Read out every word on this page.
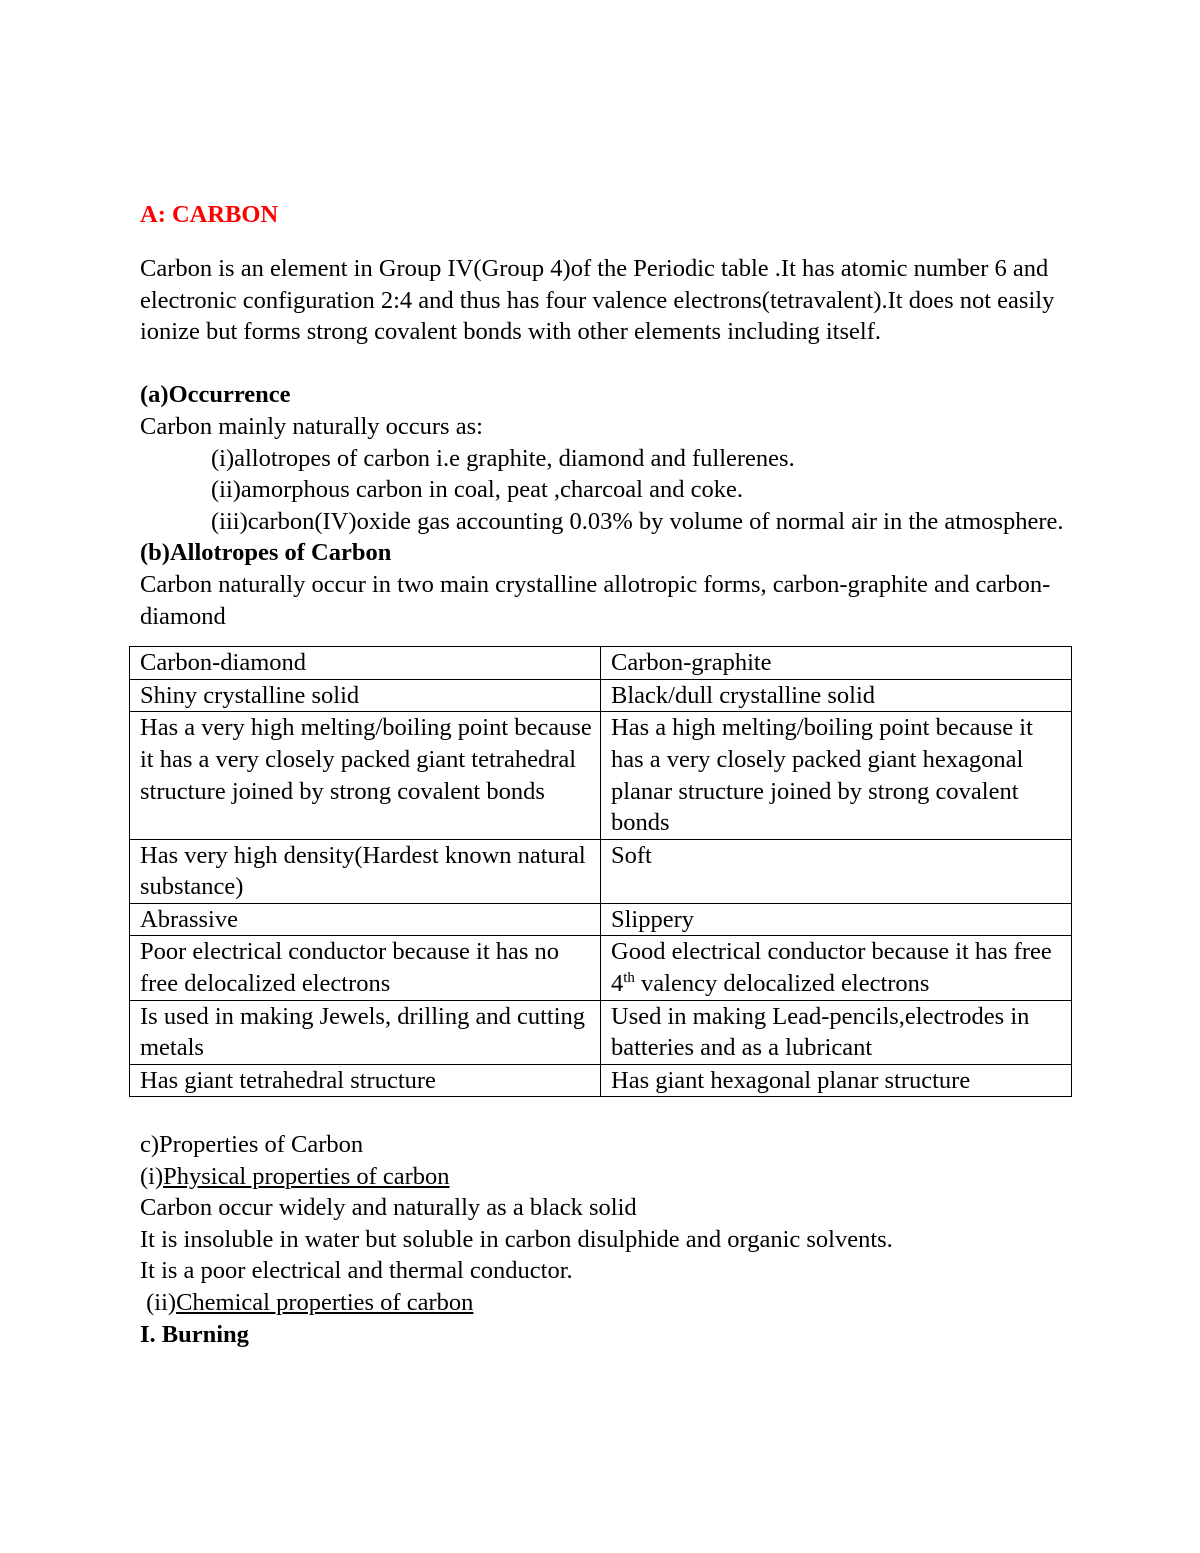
A: CARBON

Carbon is an element in Group IV(Group 4)of the Periodic table .It has atomic number 6 and electronic configuration 2:4 and thus has four valence electrons(tetravalent).It does not easily ionize but forms strong covalent bonds with other elements including itself.

(a)Occurrence

Carbon mainly naturally occurs as:

(i)allotropes of carbon i.e graphite, diamond and fullerenes.

(ii)amorphous carbon in coal, peat ,charcoal and coke.

(iii)carbon(IV)oxide gas accounting 0.03% by volume of normal air in the atmosphere.

(b)Allotropes of Carbon

Carbon naturally occur in two main crystalline allotropic forms, carbon-graphite and carbon-diamond

Carbon-diamond	Carbon-graphite
Shiny crystalline solid	Black/dull crystalline solid
Has a very high melting/boiling point because it has a very closely packed giant tetrahedral structure joined by strong covalent bonds	Has a high melting/boiling point because it has a very closely packed giant hexagonal planar structure joined by strong covalent bonds
Has very high density(Hardest known natural substance)	Soft
Abrassive	Slippery
Poor electrical conductor because it has no free delocalized electrons	Good electrical conductor because it has free 4th valency delocalized electrons
Is used in making Jewels, drilling and cutting metals	Used in making Lead-pencils,electrodes in batteries and as a lubricant
Has giant tetrahedral structure	Has giant hexagonal planar structure

c)Properties of Carbon

(i)Physical properties of carbon

Carbon occur widely and naturally as a black solid

It is insoluble in water but soluble in carbon disulphide and organic solvents.

It is a poor electrical and thermal conductor.

(ii)Chemical properties of carbon

I. Burning
